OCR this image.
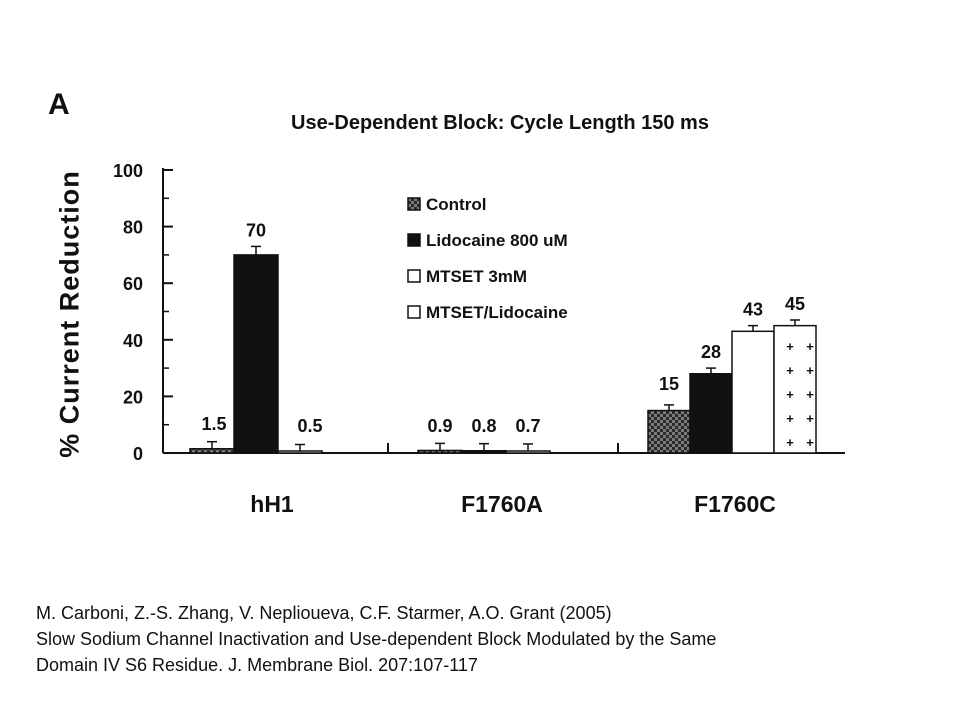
A
Use-Dependent Block: Cycle Length 150 ms
% Current Reduction	0
20
40
60
80
100
1.5
70
0.5
hH1
0.9 0.8 0.7
F1760A
15
28
43 45
F1760C
Control
Lidocaine 800 uM
MTSET 3mM
MTSET/Lidocaine
M. Carboni, Z.-S. Zhang, V. Nepliouevа, C.F. Starmer, A.O. Grant (2005)
Slow Sodium Channel Inactivation and Use-dependent Block Modulated by the Same
Domain IV S6 Residue. J. Membrane Biol. 207:107-117
